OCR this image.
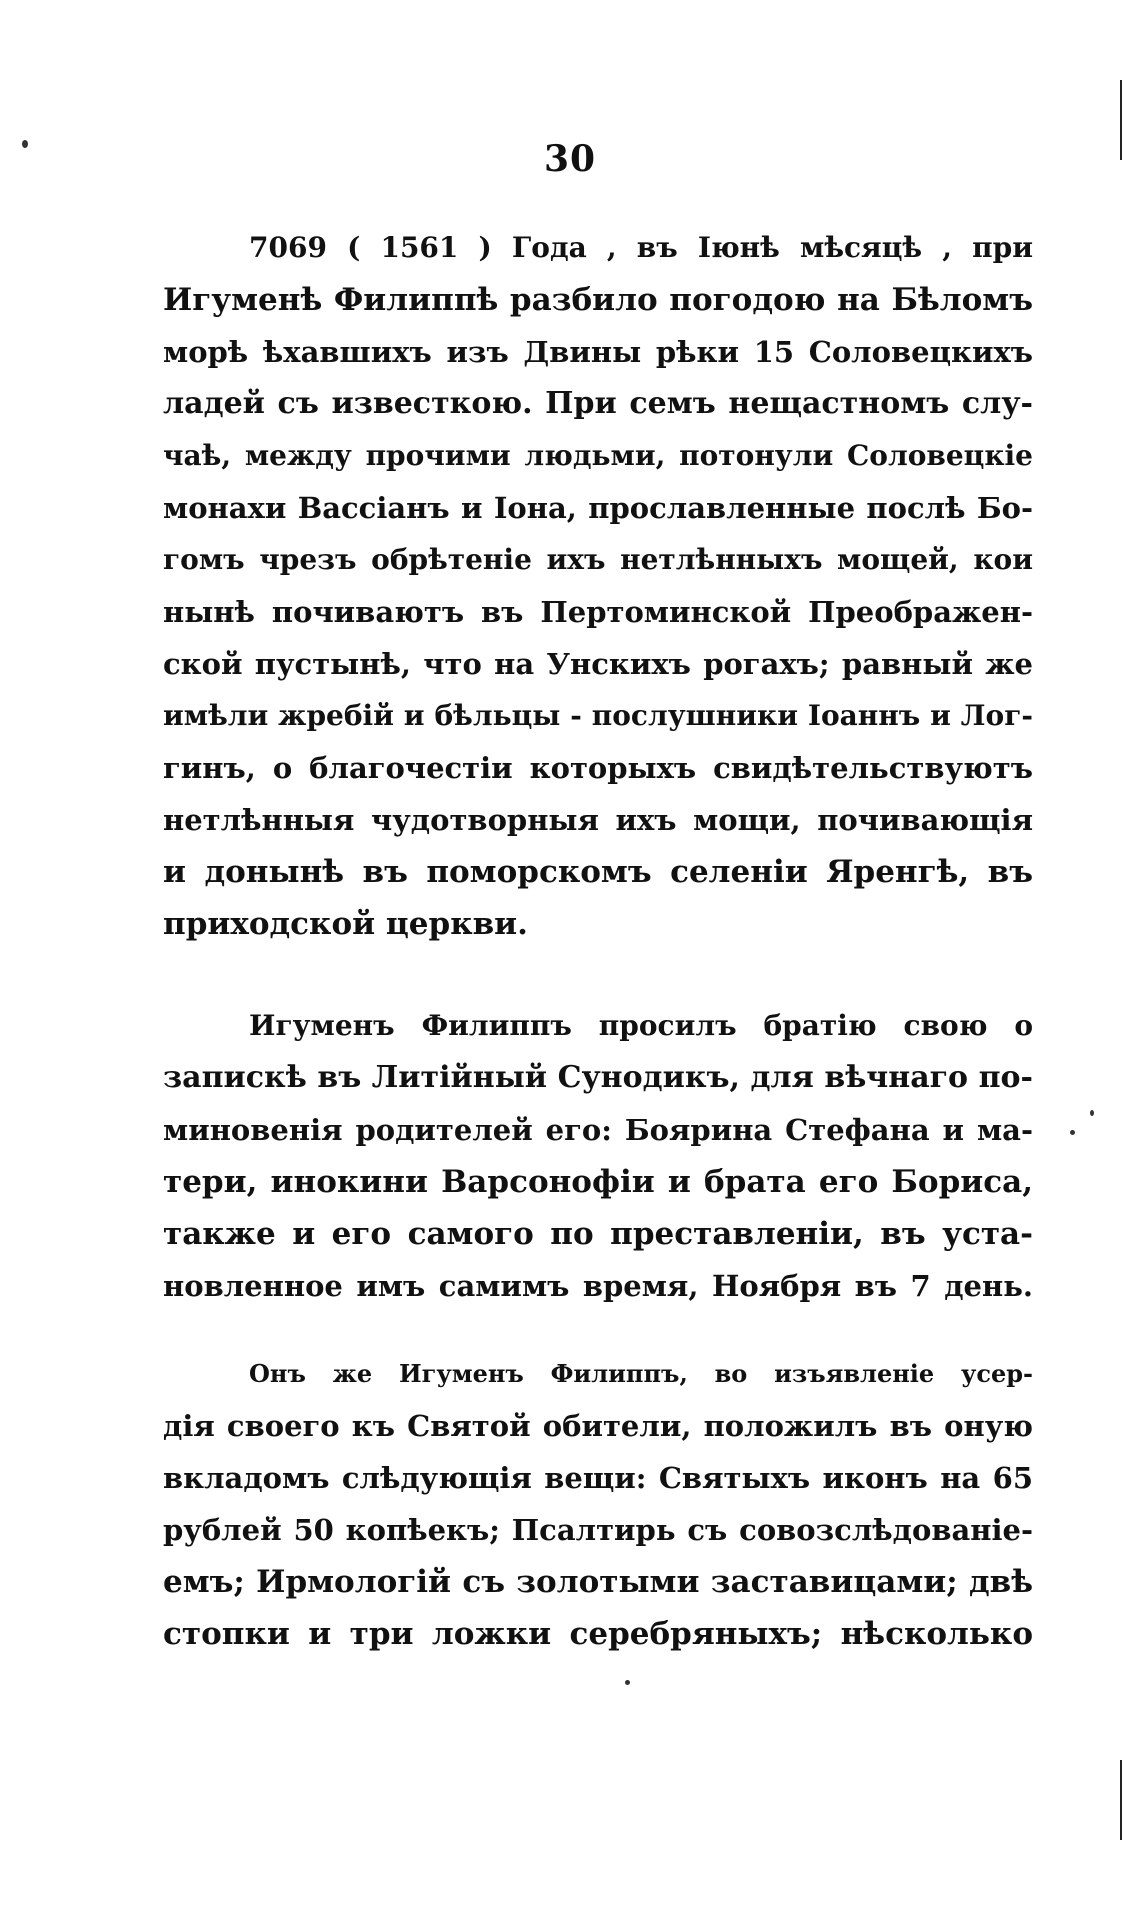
30
7069 ( 1561 ) Года , въ Іюнѣ мѣсяцѣ , при
Игуменѣ Филиппѣ разбило погодою на Бѣломъ
морѣ ѣхавшихъ изъ Двины рѣки 15 Соловецкихъ
ладей съ известкою. При семъ нещастномъ слу-
чаѣ, между прочими людьми, потонули Соловецкіе
монахи Вассіанъ и Іона, прославленные послѣ Бо-
гомъ чрезъ обрѣтеніе ихъ нетлѣнныхъ мощей, кои
нынѣ почиваютъ въ Пертоминской Преображен-
ской пустынѣ, что на Унскихъ рогахъ; равный же
имѣли жребій и бѣльцы - послушники Іоаннъ и Лог-
гинъ, о благочестіи которыхъ свидѣтельствуютъ
нетлѣнныя чудотворныя ихъ мощи, почивающія
и донынѣ въ поморскомъ селеніи Яренгѣ, въ
приходской церкви.
Игуменъ Филиппъ просилъ братію свою о
запискѣ въ Литійный Сунодикъ, для вѣчнаго по-
миновенія родителей его: Боярина Стефана и ма-
тери, инокини Варсонофіи и брата его Бориса,
также и его самого по преставленіи, въ уста-
новленное имъ самимъ время, Ноября въ 7 день.
Онъ же Игуменъ Филиппъ, во изъявленіе усер-
дія своего къ Святой обители, положилъ въ оную
вкладомъ слѣдующія вещи: Святыхъ иконъ на 65
рублей 50 копѣекъ; Псалтирь съ совозслѣдованіе-
емъ; Ирмологій съ золотыми заставицами; двѣ
стопки и три ложки серебряныхъ; нѣсколько
